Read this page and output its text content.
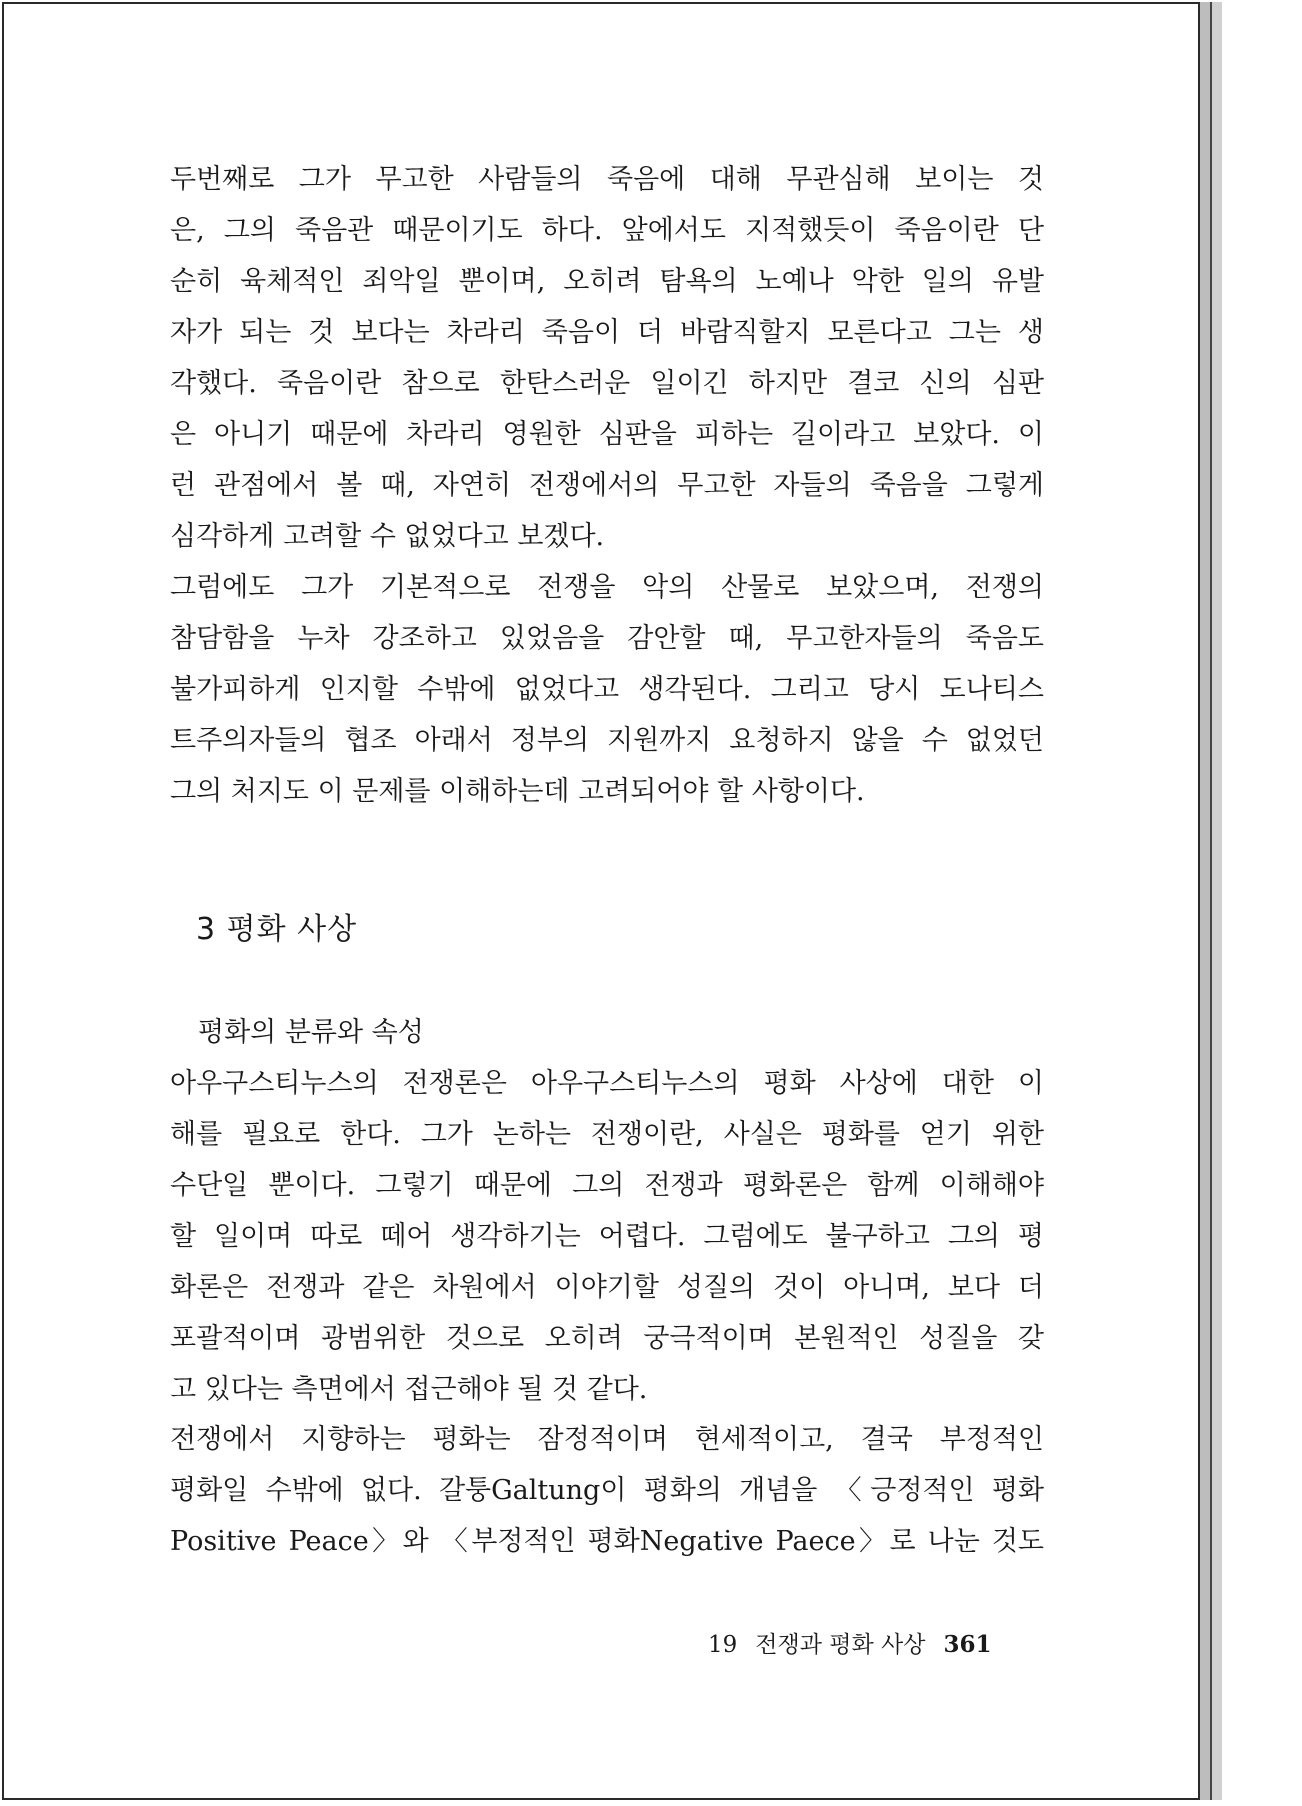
두번째로 그가 무고한 사람들의 죽음에 대해 무관심해 보이는 것
은, 그의 죽음관 때문이기도 하다. 앞에서도 지적했듯이 죽음이란 단
순히 육체적인 죄악일 뿐이며, 오히려 탐욕의 노예나 악한 일의 유발
자가 되는 것 보다는 차라리 죽음이 더 바람직할지 모른다고 그는 생
각했다. 죽음이란 참으로 한탄스러운 일이긴 하지만 결코 신의 심판
은 아니기 때문에 차라리 영원한 심판을 피하는 길이라고 보았다. 이
런 관점에서 볼 때, 자연히 전쟁에서의 무고한 자들의 죽음을 그렇게
심각하게 고려할 수 없었다고 보겠다.
그럼에도 그가 기본적으로 전쟁을 악의 산물로 보았으며, 전쟁의
참담함을 누차 강조하고 있었음을 감안할 때, 무고한자들의 죽음도
불가피하게 인지할 수밖에 없었다고 생각된다. 그리고 당시 도나티스
트주의자들의 협조 아래서 정부의 지원까지 요청하지 않을 수 없었던
그의 처지도 이 문제를 이해하는데 고려되어야 할 사항이다.
3 평화 사상
평화의 분류와 속성
아우구스티누스의 전쟁론은 아우구스티누스의 평화 사상에 대한 이
해를 필요로 한다. 그가 논하는 전쟁이란, 사실은 평화를 얻기 위한
수단일 뿐이다. 그렇기 때문에 그의 전쟁과 평화론은 함께 이해해야
할 일이며 따로 떼어 생각하기는 어렵다. 그럼에도 불구하고 그의 평
화론은 전쟁과 같은 차원에서 이야기할 성질의 것이 아니며, 보다 더
포괄적이며 광범위한 것으로 오히려 궁극적이며 본원적인 성질을 갖
고 있다는 측면에서 접근해야 될 것 같다.
전쟁에서 지향하는 평화는 잠정적이며 현세적이고, 결국 부정적인
평화일 수밖에 없다. 갈퉁Galtung이 평화의 개념을 〈긍정적인 평화
Positive Peace〉와 〈부정적인 평화Negative Paece〉로 나눈 것도
19 전쟁과 평화 사상 361
